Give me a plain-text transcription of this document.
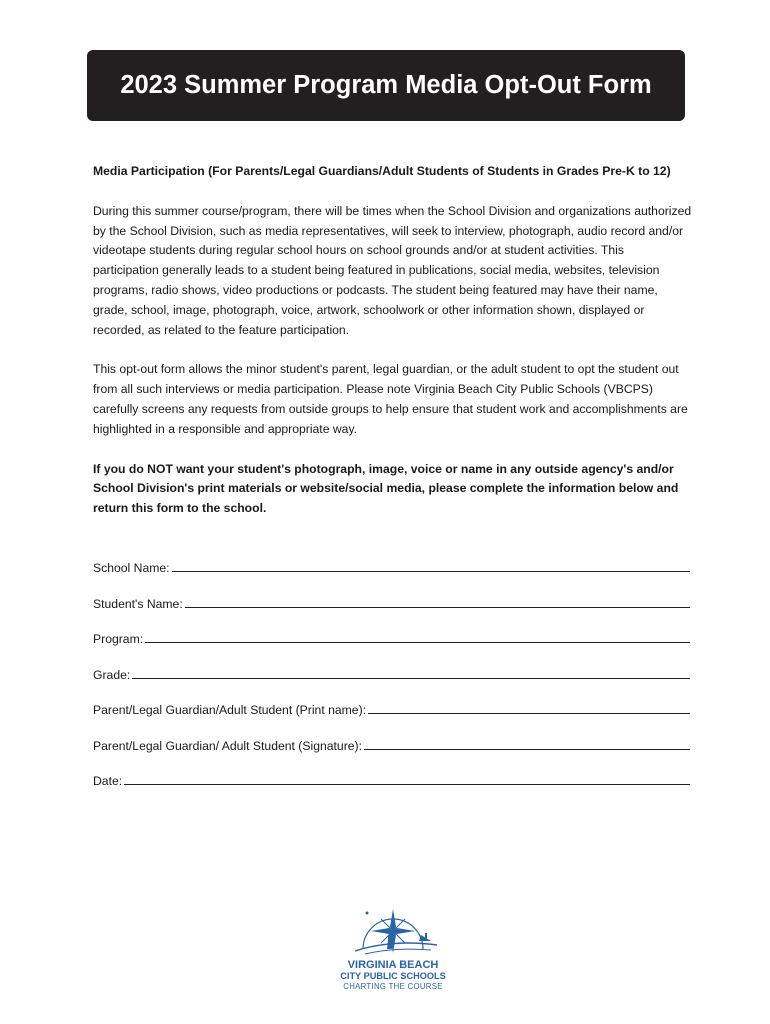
2023 Summer Program Media Opt-Out Form
Media Participation (For Parents/Legal Guardians/Adult Students of Students in Grades Pre-K to 12)
During this summer course/program, there will be times when the School Division and organizations authorized by the School Division, such as media representatives, will seek to interview, photograph, audio record and/or videotape students during regular school hours on school grounds and/or at student activities. This participation generally leads to a student being featured in publications, social media, websites, television programs, radio shows, video productions or podcasts. The student being featured may have their name, grade, school, image, photograph, voice, artwork, schoolwork or other information shown, displayed or recorded, as related to the feature participation.
This opt-out form allows the minor student's parent, legal guardian, or the adult student to opt the student out from all such interviews or media participation. Please note Virginia Beach City Public Schools (VBCPS) carefully screens any requests from outside groups to help ensure that student work and accomplishments are highlighted in a responsible and appropriate way.
If you do NOT want your student's photograph, image, voice or name in any outside agency's and/or School Division's print materials or website/social media, please complete the information below and return this form to the school.
School Name:
Student's Name:
Program:
Grade:
Parent/Legal Guardian/Adult Student (Print name):
Parent/Legal Guardian/ Adult Student (Signature):
Date:
VIRGINIA BEACH
CITY PUBLIC SCHOOLS
CHARTING THE COURSE
